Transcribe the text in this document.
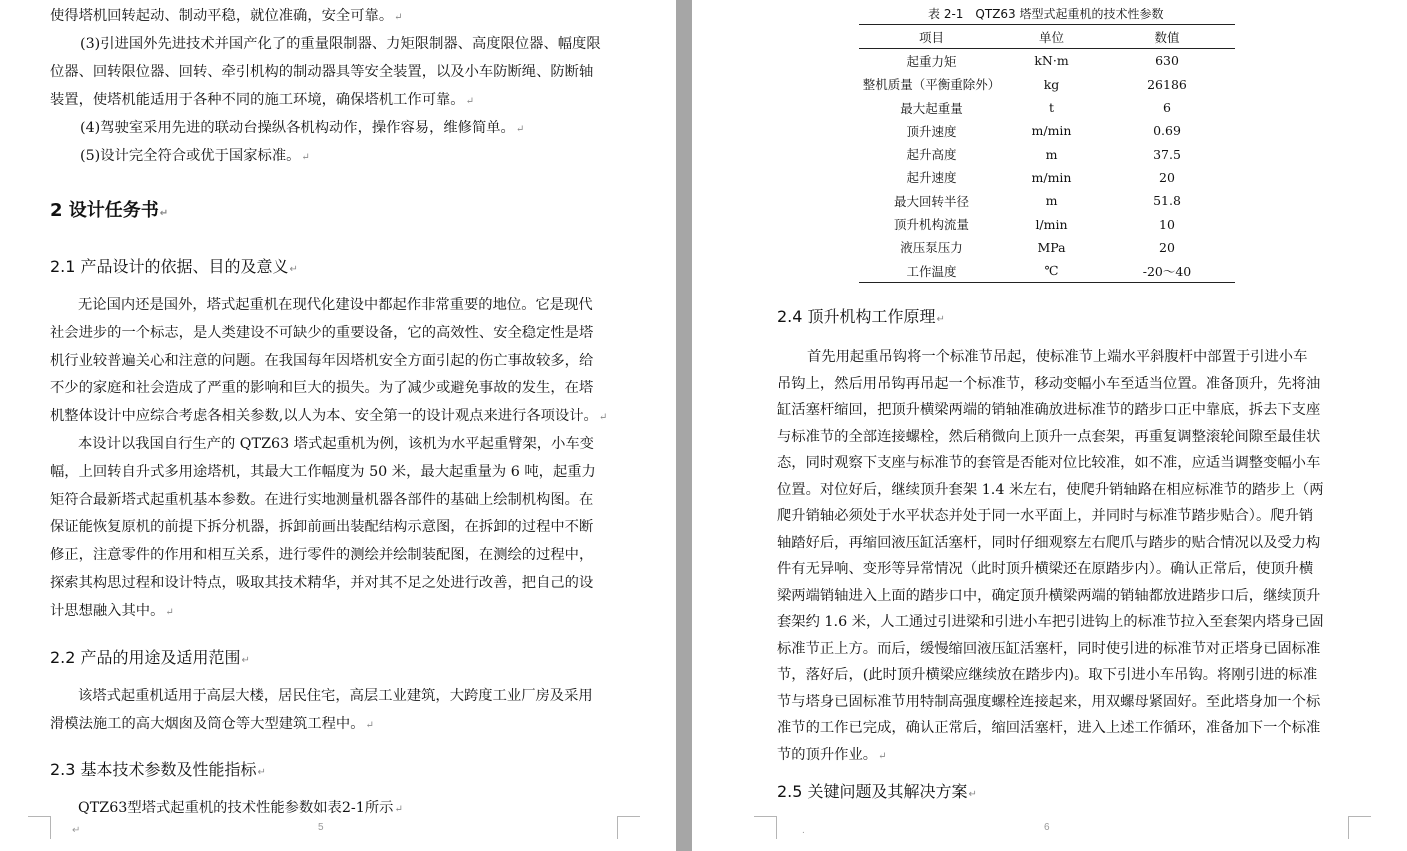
使得塔机回转起动、制动平稳，就位准确，安全可靠。↵
(3)引进国外先进技术并国产化了的重量限制器、力矩限制器、高度限位器、幅度限
位器、回转限位器、回转、牵引机构的制动器具等安全装置，以及小车防断绳、防断轴
装置，使塔机能适用于各种不同的施工环境，确保塔机工作可靠。↵
(4)驾驶室采用先进的联动台操纵各机构动作，操作容易，维修简单。↵
(5)设计完全符合或优于国家标准。↵
2 设计任务书↵
2.1 产品设计的依据、目的及意义↵
无论国内还是国外，塔式起重机在现代化建设中都起作非常重要的地位。它是现代
社会进步的一个标志，是人类建设不可缺少的重要设备，它的高效性、安全稳定性是塔
机行业较普遍关心和注意的问题。在我国每年因塔机安全方面引起的伤亡事故较多，给
不少的家庭和社会造成了严重的影响和巨大的损失。为了减少或避免事故的发生，在塔
机整体设计中应综合考虑各相关参数,以人为本、安全第一的设计观点来进行各项设计。↵
本设计以我国自行生产的 QTZ63 塔式起重机为例，该机为水平起重臂架，小车变
幅，上回转自升式多用途塔机，其最大工作幅度为 50 米，最大起重量为 6 吨，起重力
矩符合最新塔式起重机基本参数。在进行实地测量机器各部件的基础上绘制机构图。在
保证能恢复原机的前提下拆分机器，拆卸前画出装配结构示意图，在拆卸的过程中不断
修正，注意零件的作用和相互关系，进行零件的测绘并绘制装配图，在测绘的过程中，
探索其构思过程和设计特点，吸取其技术精华，并对其不足之处进行改善，把自己的设
计思想融入其中。↵
2.2 产品的用途及适用范围↵
该塔式起重机适用于高层大楼，居民住宅，高层工业建筑，大跨度工业厂房及采用
滑模法施工的高大烟囱及筒仓等大型建筑工程中。↵
2.3 基本技术参数及性能指标↵
QTZ63型塔式起重机的技术性能参数如表2-1所示↵
5
↵
表 2-1　QTZ63 塔型式起重机的技术性参数
项目	单位	数值
起重力矩	kN·m	630
整机质量（平衡重除外）	kg	26186
最大起重量	t	6
顶升速度	m/min	0.69
起升高度	m	37.5
起升速度	m/min	20
最大回转半径	m	51.8
顶升机构流量	l/min	10
液压泵压力	MPa	20
工作温度	℃	-20～40
2.4 顶升机构工作原理↵
首先用起重吊钩将一个标准节吊起，使标准节上端水平斜腹杆中部置于引进小车
吊钩上，然后用吊钩再吊起一个标准节，移动变幅小车至适当位置。准备顶升，先将油
缸活塞杆缩回，把顶升横梁两端的销轴准确放进标准节的踏步口正中靠底，拆去下支座
与标准节的全部连接螺栓，然后稍微向上顶升一点套架，再重复调整滚轮间隙至最佳状
态，同时观察下支座与标准节的套管是否能对位比较准，如不准，应适当调整变幅小车
位置。对位好后，继续顶升套架 1.4 米左右，使爬升销轴路在相应标准节的踏步上（两
爬升销轴必须处于水平状态并处于同一水平面上，并同时与标准节踏步贴合）。爬升销
轴踏好后，再缩回液压缸活塞杆，同时仔细观察左右爬爪与踏步的贴合情况以及受力构
件有无异响、变形等异常情况（此时顶升横梁还在原踏步内）。确认正常后，使顶升横
梁两端销轴进入上面的踏步口中，确定顶升横梁两端的销轴都放进踏步口后，继续顶升
套架约 1.6 米，人工通过引进梁和引进小车把引进钩上的标准节拉入至套架内塔身已固
标准节正上方。而后，缓慢缩回液压缸活塞杆，同时使引进的标准节对正塔身已固标准
节，落好后，(此时顶升横梁应继续放在踏步内)。取下引进小车吊钩。将刚引进的标准
节与塔身已固标准节用特制高强度螺栓连接起来，用双螺母紧固好。至此塔身加一个标
准节的工作已完成，确认正常后，缩回活塞杆，进入上述工作循环，准备加下一个标准
节的顶升作业。↵
2.5 关键问题及其解决方案↵
6
.
